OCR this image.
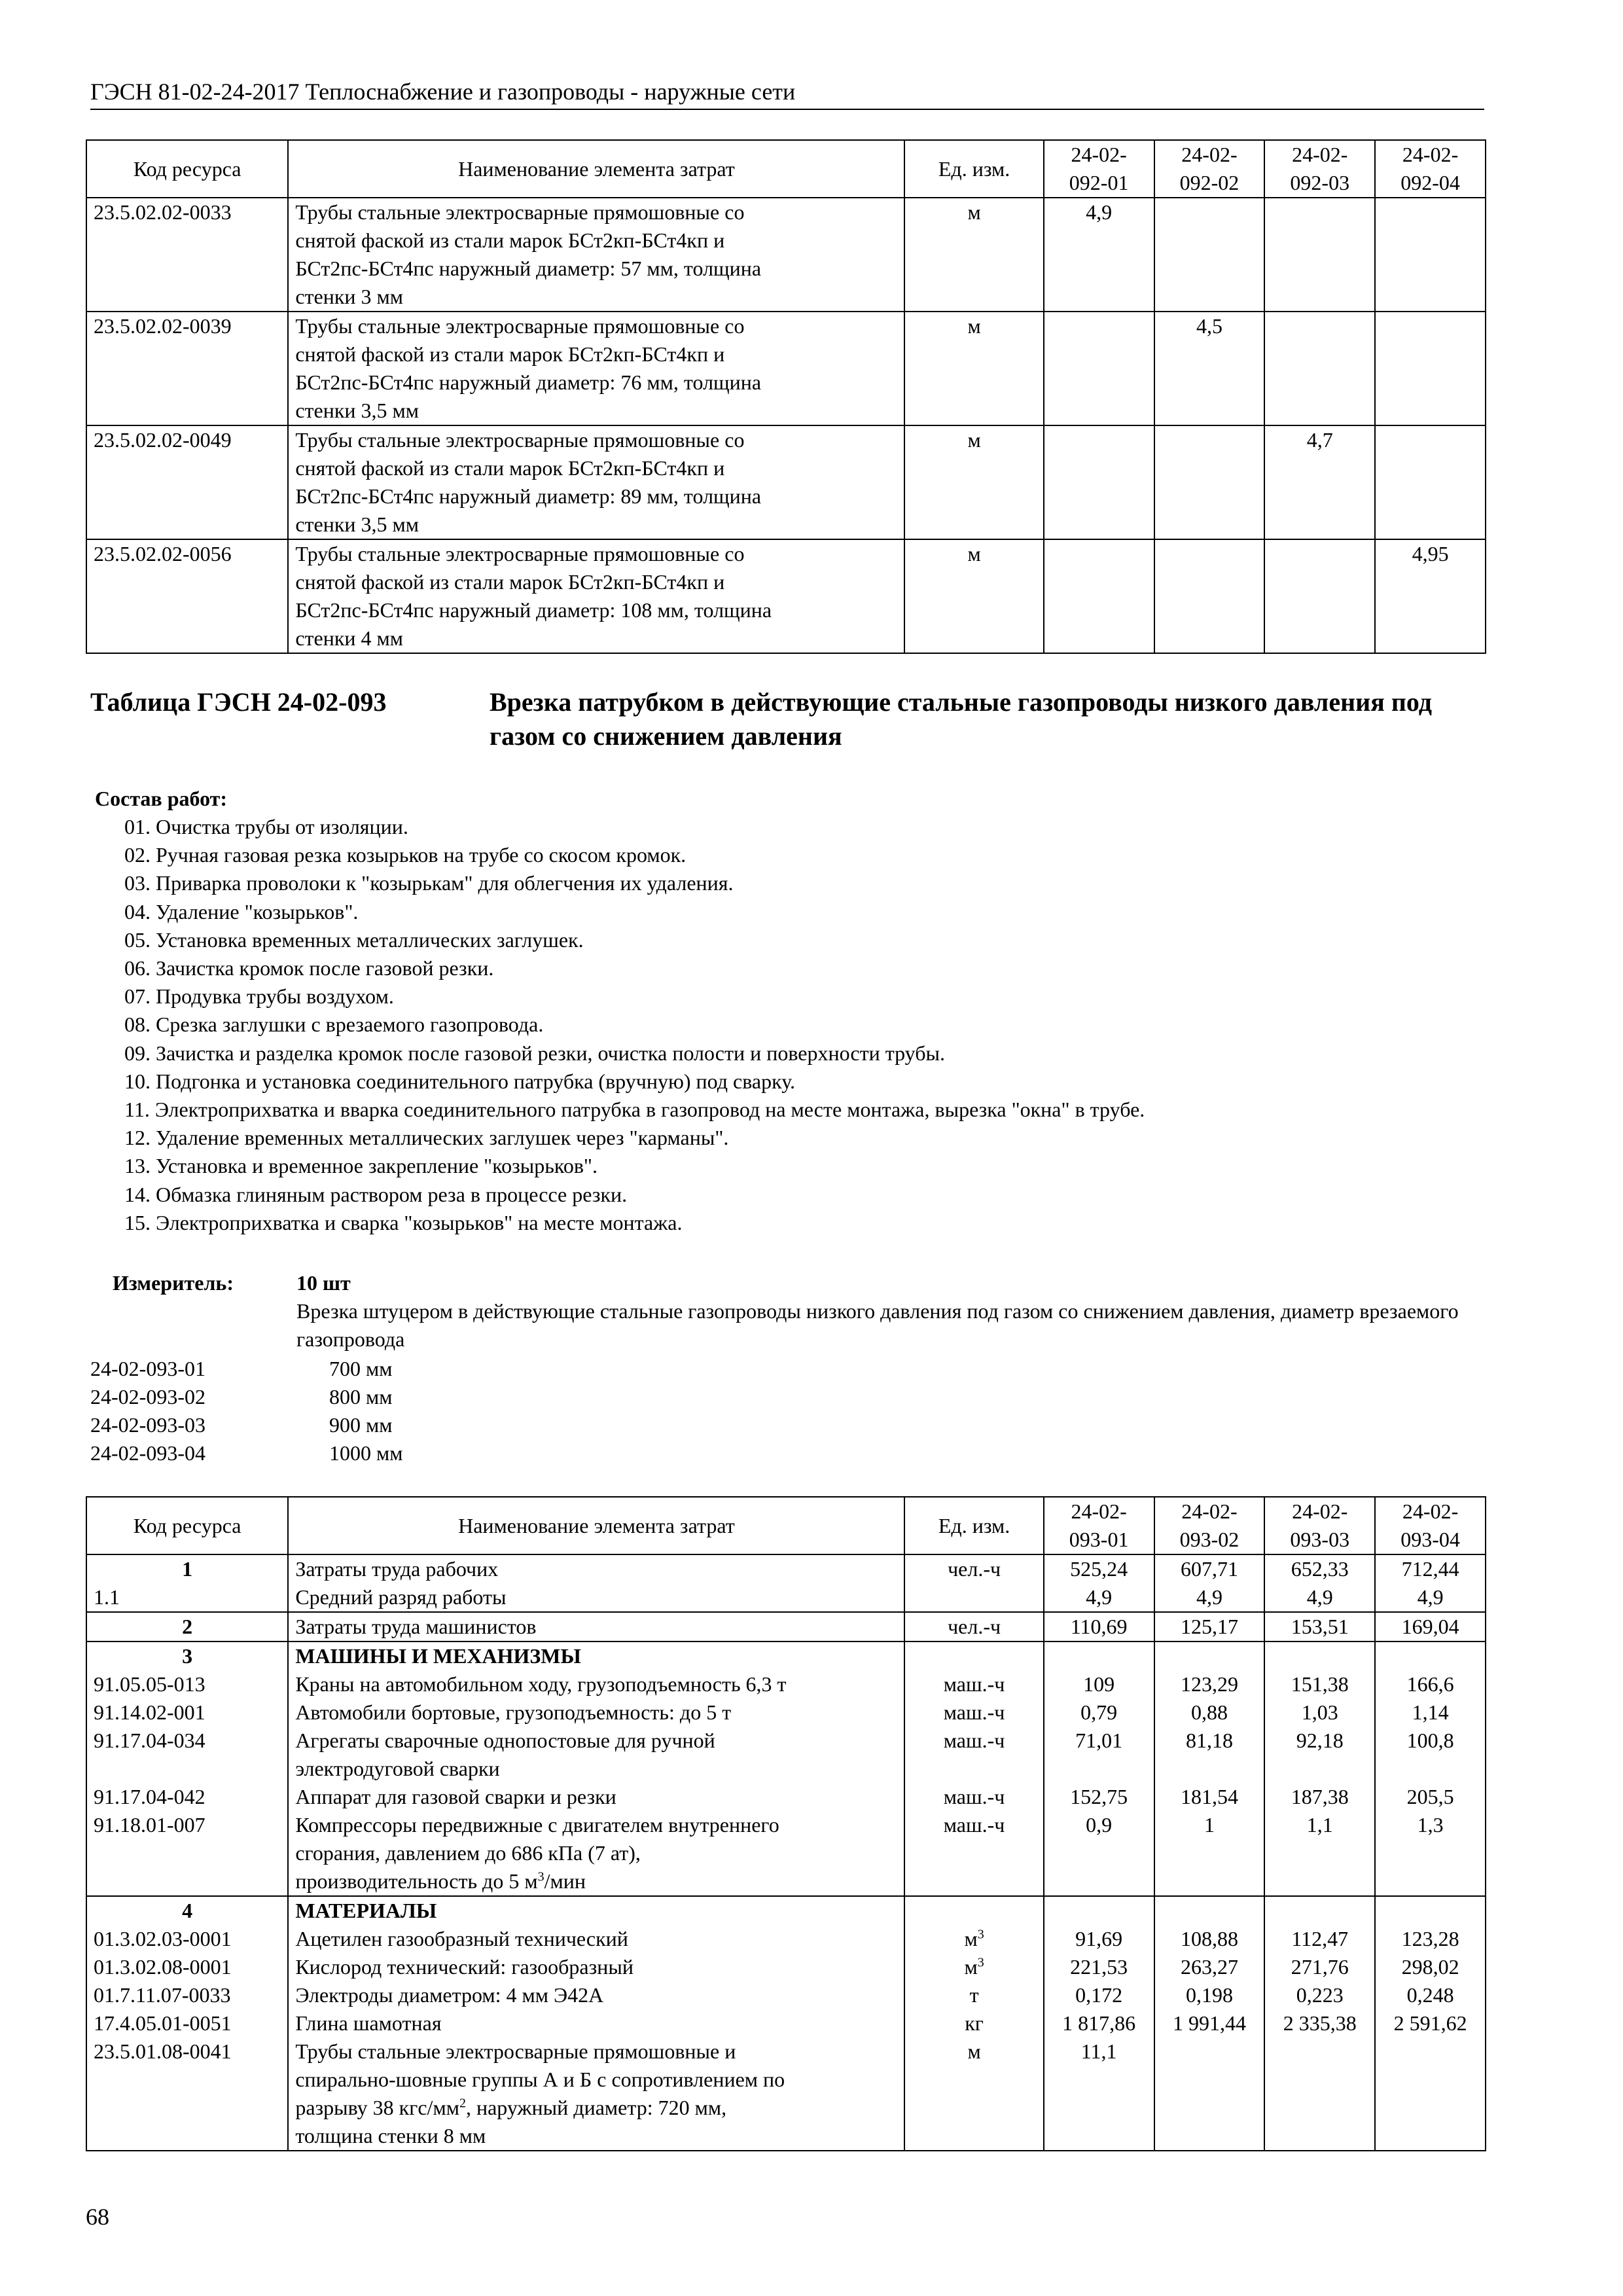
ГЭСН 81-02-24-2017 Теплоснабжение и газопроводы - наружные сети
Код ресурса	Наименование элемента затрат	Ед. изм.	24-02-
092-01	24-02-
092-02	24-02-
092-03	24-02-
092-04
23.5.02.02-0033	Трубы стальные электросварные прямошовные со
снятой фаской из стали марок БСт2кп-БСт4кп и
БСт2пс-БСт4пс наружный диаметр: 57 мм, толщина
стенки 3 мм	м	4,9			
23.5.02.02-0039	Трубы стальные электросварные прямошовные со
снятой фаской из стали марок БСт2кп-БСт4кп и
БСт2пс-БСт4пс наружный диаметр: 76 мм, толщина
стенки 3,5 мм	м		4,5		
23.5.02.02-0049	Трубы стальные электросварные прямошовные со
снятой фаской из стали марок БСт2кп-БСт4кп и
БСт2пс-БСт4пс наружный диаметр: 89 мм, толщина
стенки 3,5 мм	м			4,7	
23.5.02.02-0056	Трубы стальные электросварные прямошовные со
снятой фаской из стали марок БСт2кп-БСт4кп и
БСт2пс-БСт4пс наружный диаметр: 108 мм, толщина
стенки 4 мм	м				4,95
Таблица ГЭСН 24-02-093	Врезка патрубком в действующие стальные газопроводы низкого давления под газом со снижением давления
Состав работ:
01. Очистка трубы от изоляции.
02. Ручная газовая резка козырьков на трубе со скосом кромок.
03. Приварка проволоки к "козырькам" для облегчения их удаления.
04. Удаление "козырьков".
05. Установка временных металлических заглушек.
06. Зачистка кромок после газовой резки.
07. Продувка трубы воздухом.
08. Срезка заглушки с врезаемого газопровода.
09. Зачистка и разделка кромок после газовой резки, очистка полости и поверхности трубы.
10. Подгонка и установка соединительного патрубка (вручную) под сварку.
11. Электроприхватка и вварка соединительного патрубка в газопровод на месте монтажа, вырезка "окна" в трубе.
12. Удаление временных металлических заглушек через "карманы".
13. Установка и временное закрепление "козырьков".
14. Обмазка глиняным раствором реза в процессе резки.
15. Электроприхватка и сварка "козырьков" на месте монтажа.
Измеритель:	10 шт
Врезка штуцером в действующие стальные газопроводы низкого давления под газом со снижением давления, диаметр врезаемого газопровода
24-02-093-01	700 мм
24-02-093-02	800 мм
24-02-093-03	900 мм
24-02-093-04	1000 мм
Код ресурса	Наименование элемента затрат	Ед. изм.	24-02-
093-01	24-02-
093-02	24-02-
093-03	24-02-
093-04
1	Затраты труда рабочих	чел.-ч	525,24	607,71	652,33	712,44
1.1	Средний разряд работы		4,9	4,9	4,9	4,9
2	Затраты труда машинистов	чел.-ч	110,69	125,17	153,51	169,04
3	МАШИНЫ И МЕХАНИЗМЫ					
91.05.05-013	Краны на автомобильном ходу, грузоподъемность 6,3 т	маш.-ч	109	123,29	151,38	166,6
91.14.02-001	Автомобили бортовые, грузоподъемность: до 5 т	маш.-ч	0,79	0,88	1,03	1,14
91.17.04-034	Агрегаты сварочные однопостовые для ручной
электродуговой сварки	маш.-ч	71,01	81,18	92,18	100,8
91.17.04-042	Аппарат для газовой сварки и резки	маш.-ч	152,75	181,54	187,38	205,5
91.18.01-007	Компрессоры передвижные с двигателем внутреннего
сгорания, давлением до 686 кПа (7 ат),
производительность до 5 $м^3$/мин	маш.-ч	0,9	1	1,1	1,3
4	МАТЕРИАЛЫ					
01.3.02.03-0001	Ацетилен газообразный технический	$м^3$	91,69	108,88	112,47	123,28
01.3.02.08-0001	Кислород технический: газообразный	$м^3$	221,53	263,27	271,76	298,02
01.7.11.07-0033	Электроды диаметром: 4 мм Э42А	т	0,172	0,198	0,223	0,248
17.4.05.01-0051	Глина шамотная	кг	1 817,86	1 991,44	2 335,38	2 591,62
23.5.01.08-0041	Трубы стальные электросварные прямошовные и
спирально-шовные группы А и Б с сопротивлением по
разрыву 38 кгс/$мм^2$, наружный диаметр: 720 мм,
толщина стенки 8 мм	м	11,1			
68
